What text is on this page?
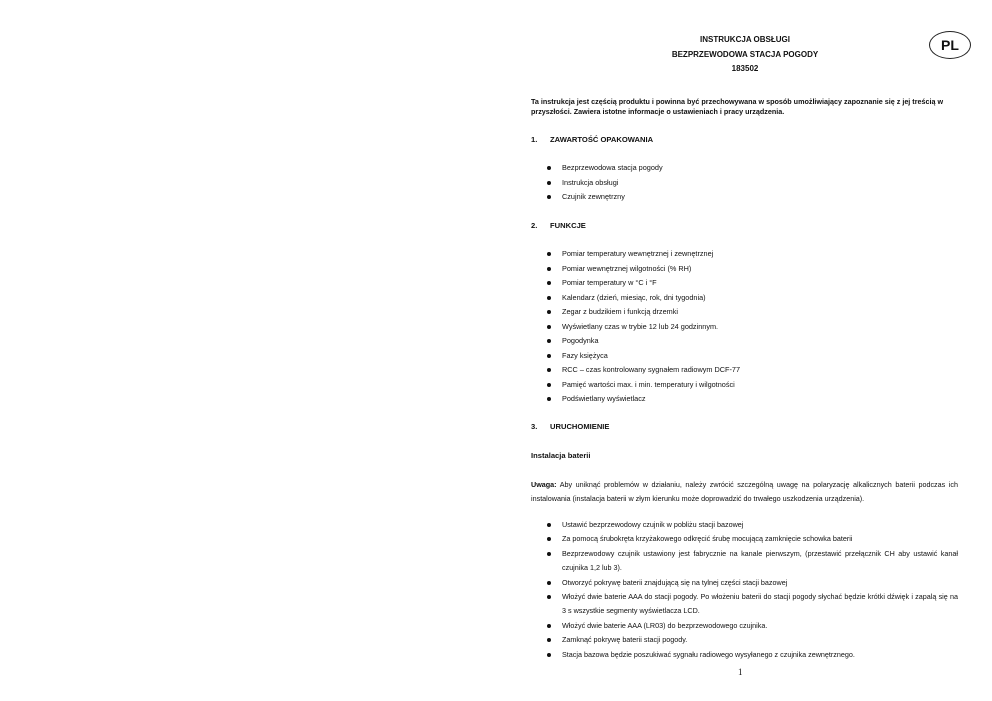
INSTRUKCJA OBSŁUGI
BEZPRZEWODOWA STACJA POGODY
183502
PL
Ta instrukcja jest częścią produktu i powinna być przechowywana w sposób umożliwiający zapoznanie się z jej treścią w przyszłości. Zawiera istotne informacje o ustawieniach i pracy urządzenia.
1. ZAWARTOŚĆ OPAKOWANIA
Bezprzewodowa stacja pogody
Instrukcja obsługi
Czujnik zewnętrzny
2. FUNKCJE
Pomiar temperatury wewnętrznej i zewnętrznej
Pomiar wewnętrznej wilgotności (% RH)
Pomiar temperatury w °C i °F
Kalendarz (dzień, miesiąc, rok, dni tygodnia)
Zegar z budzikiem i funkcją drzemki
Wyświetlany czas w trybie 12 lub 24 godzinnym.
Pogodynka
Fazy księżyca
RCC – czas kontrolowany sygnałem radiowym DCF-77
Pamięć wartości max. i min. temperatury i wilgotności
Podświetlany wyświetlacz
3. URUCHOMIENIE
Instalacja baterii
Uwaga: Aby uniknąć problemów w działaniu, należy zwrócić szczególną uwagę na polaryzację alkalicznych baterii podczas ich instalowania (instalacja baterii w złym kierunku może doprowadzić do trwałego uszkodzenia urządzenia).
Ustawić bezprzewodowy czujnik w pobliżu stacji bazowej
Za pomocą śrubokręta krzyżakowego odkręcić śrubę mocującą zamknięcie schowka baterii
Bezprzewodowy czujnik ustawiony jest fabrycznie na kanale pierwszym, (przestawić przełącznik CH aby ustawić kanał czujnika 1,2 lub 3).
Otworzyć pokrywę baterii znajdującą się na tylnej części stacji bazowej
Włożyć dwie baterie AAA do stacji pogody. Po włożeniu baterii do stacji pogody słychać będzie krótki dźwięk i zapalą się na 3 s wszystkie segmenty wyświetlacza LCD.
Włożyć dwie baterie AAA (LR03) do bezprzewodowego czujnika.
Zamknąć pokrywę baterii stacji pogody.
Stacja bazowa będzie poszukiwać sygnału radiowego wysyłanego z czujnika zewnętrznego.
1
